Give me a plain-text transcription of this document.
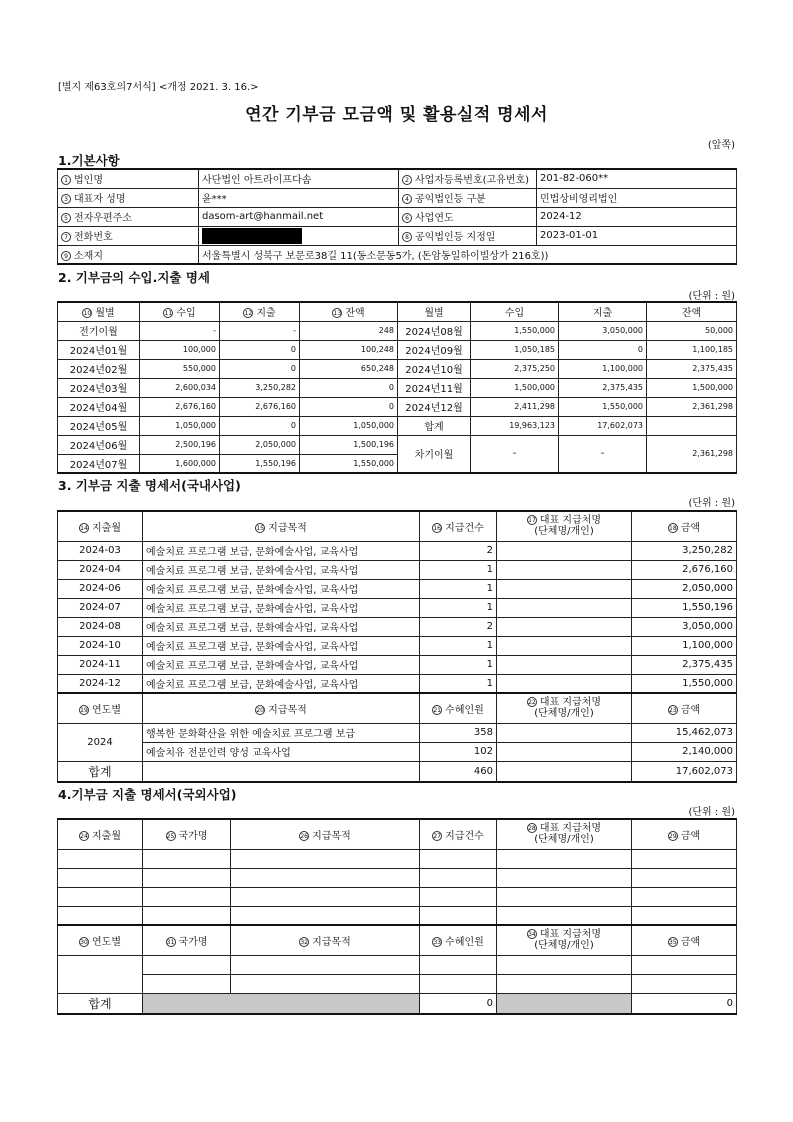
[별지 제63호의7서식] <개정 2021. 3. 16.>
연간 기부금 모금액 및 활용실적 명세서
(앞쪽)
1.기본사항
1 법인명	사단법인 아트라이프다솜	2 사업자등록번호(고유번호)	201-82-060**
3 대표자 성명	윤***	4 공익법인등 구분	민법상비영리법인
5 전자우편주소	dasom-art@hanmail.net	6 사업연도	2024-12
7 전화번호		8 공익법인등 지정일	2023-01-01
9 소재지	서울특별시 성북구 보문로38길 11(동소문동5가, (돈암동일하이빌상가 216호))		
2. 기부금의 수입.지출 명세
(단위 : 원)
10 월별	11 수입	12 지출	13 잔액	월별	수입	지출	잔액
전기이월	-	-	248	2024년08월	1,550,000	3,050,000	50,000
2024년01월	100,000	0	100,248	2024년09월	1,050,185	0	1,100,185
2024년02월	550,000	0	650,248	2024년10월	2,375,250	1,100,000	2,375,435
2024년03월	2,600,034	3,250,282	0	2024년11월	1,500,000	2,375,435	1,500,000
2024년04월	2,676,160	2,676,160	0	2024년12월	2,411,298	1,550,000	2,361,298
2024년05월	1,050,000	0	1,050,000	합계	19,963,123	17,602,073	
2024년06월	2,500,196	2,050,000	1,500,196	차기이월	-	-	2,361,298
2024년07월	1,600,000	1,550,196	1,550,000				
3. 기부금 지출 명세서(국내사업)
(단위 : 원)
14 지출월	15 지급목적	16 지급건수	17 대표 지급처명
(단체명/개인)	18 금액
2024-03	예술치료 프로그램 보급, 문화예술사업, 교육사업	2		3,250,282
2024-04	예술치료 프로그램 보급, 문화예술사업, 교육사업	1		2,676,160
2024-06	예술치료 프로그램 보급, 문화예술사업, 교육사업	1		2,050,000
2024-07	예술치료 프로그램 보급, 문화예술사업, 교육사업	1		1,550,196
2024-08	예술치료 프로그램 보급, 문화예술사업, 교육사업	2		3,050,000
2024-10	예술치료 프로그램 보급, 문화예술사업, 교육사업	1		1,100,000
2024-11	예술치료 프로그램 보급, 문화예술사업, 교육사업	1		2,375,435
2024-12	예술치료 프로그램 보급, 문화예술사업, 교육사업	1		1,550,000
19 연도별	20 지급목적	21 수혜인원	22 대표 지급처명
(단체명/개인)	23 금액
2024	행복한 문화확산을 위한 예술치료 프로그램 보급	358		15,462,073
	예술치유 전문인력 양성 교육사업	102		2,140,000
합계		460		17,602,073
4.기부금 지출 명세서(국외사업)
(단위 : 원)
24 지출월	25 국가명	26 지급목적	27 지급건수	28 대표 지급처명
(단체명/개인)	29 금액

30 연도별	31 국가명	32 지급목적	33 수혜인원	34 대표 지급처명
(단체명/개인)	35 금액

합계			0		0
